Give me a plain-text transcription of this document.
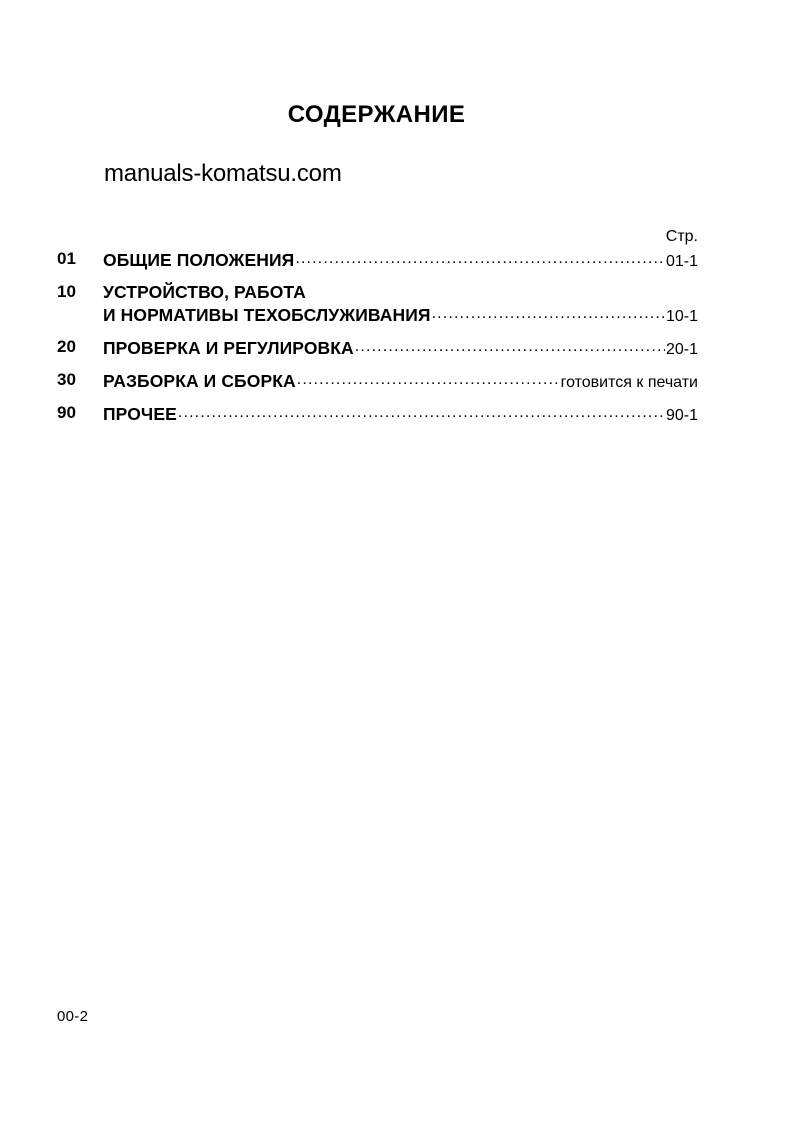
СОДЕРЖАНИЕ
manuals-komatsu.com
Стр.
01	ОБЩИЕ ПОЛОЖЕНИЯ .....	01-1
10	УСТРОЙСТВО, РАБОТА
И НОРМАТИВЫ ТЕХОБСЛУЖИВАНИЯ .....	10-1
20	ПРОВЕРКА И РЕГУЛИРОВКА .....	20-1
30	РАЗБОРКА И СБОРКА .....	готовится к печати
90	ПРОЧЕЕ .....	90-1
00-2
